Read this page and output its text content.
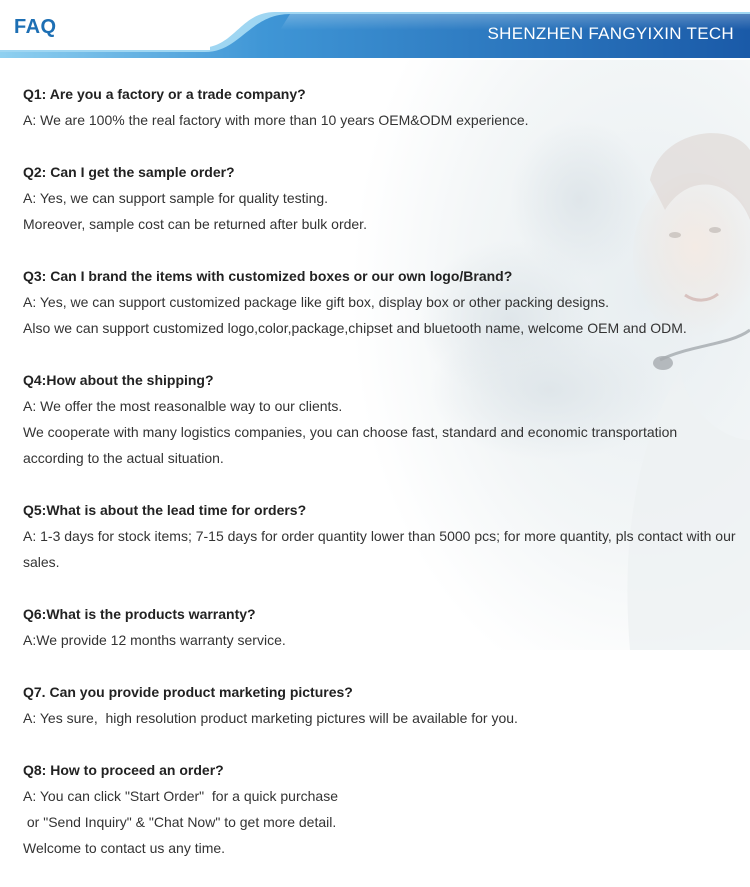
FAQ	SHENZHEN FANGYIXIN TECH

Q1: Are you a factory or a trade company?

A: We are 100% the real factory with more than 10 years OEM&ODM experience.

Q2: Can I get the sample order?

A: Yes, we can support sample for quality testing.

Moreover, sample cost can be returned after bulk order.

Q3: Can I brand the items with customized boxes or our own logo/Brand?

A: Yes, we can support customized package like gift box, display box or other packing designs.

Also we can support customized logo,color,package,chipset and bluetooth name, welcome OEM and ODM.

Q4:How about the shipping?

A: We offer the most reasonalble way to our clients.

We cooperate with many logistics companies, you can choose fast, standard and economic transportation

according to the actual situation.

Q5:What is about the lead time for orders?

A: 1-3 days for stock items; 7-15 days for order quantity lower than 5000 pcs; for more quantity, pls contact with our

sales.

Q6:What is the products warranty?

A:We provide 12 months warranty service.

Q7. Can you provide product marketing pictures?

A: Yes sure,  high resolution product marketing pictures will be available for you.

Q8: How to proceed an order?

A: You can click "Start Order"  for a quick purchase

or "Send Inquiry" & "Chat Now" to get more detail.

Welcome to contact us any time.
